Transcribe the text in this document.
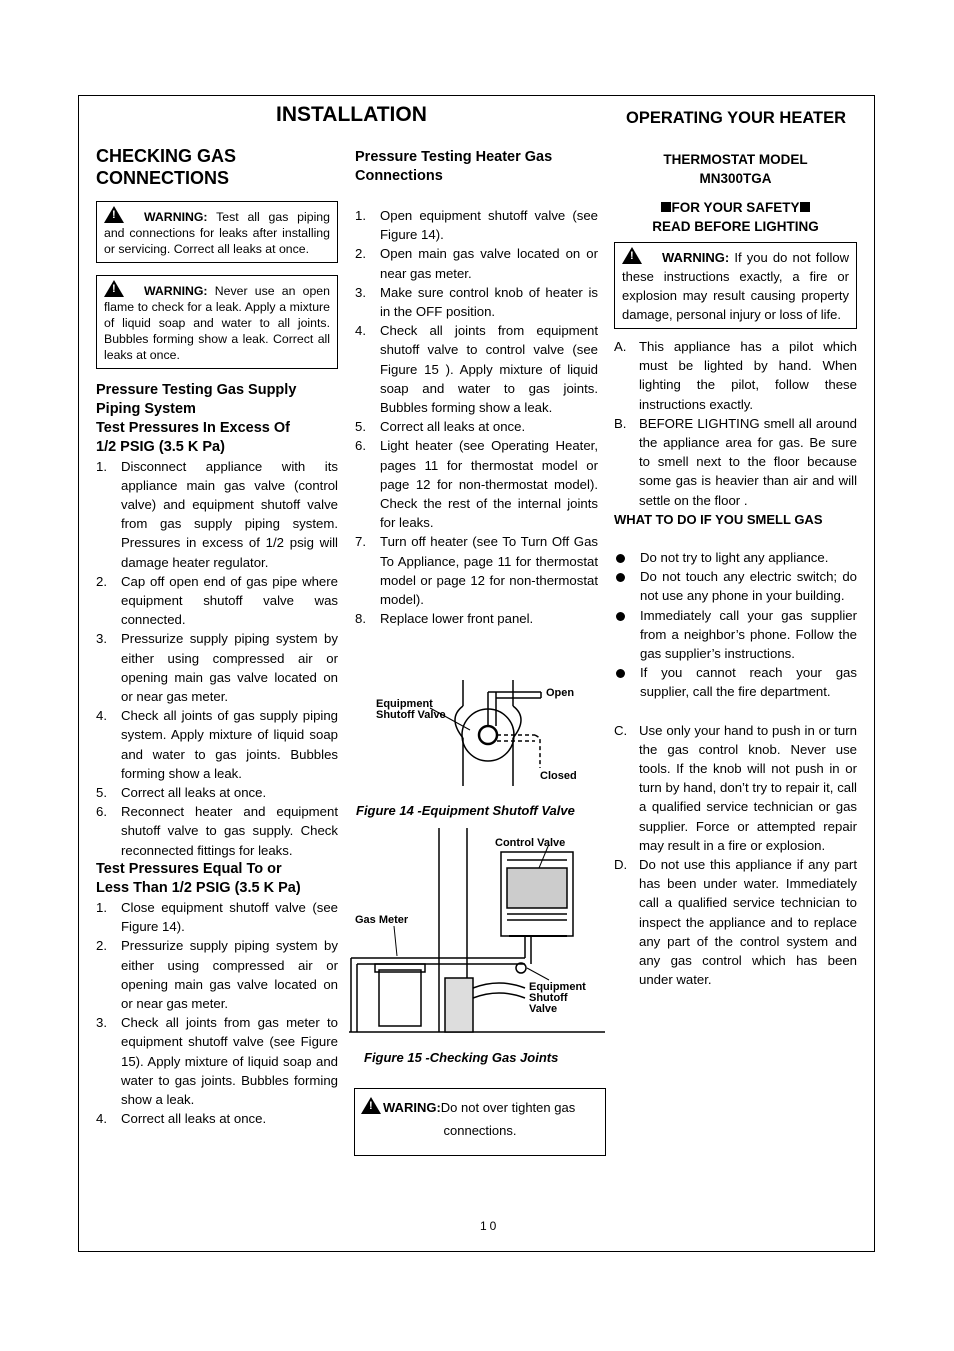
INSTALLATION	OPERATING YOUR HEATER
CHECKING GAS
CONNECTIONS
!WARNING: Test all gas piping and connections for leaks after installing or servicing. Correct all leaks at once.
!WARNING: Never use an open flame to check for a leak. Apply a mixture of liquid soap and water to all joints. Bubbles forming show a leak. Correct all leaks at once.
Pressure Testing Gas Supply
Piping System
Test Pressures In Excess Of
1/2 PSIG (3.5 K Pa)
1. Disconnect appliance with its appliance main gas valve (control valve) and equipment shutoff valve from gas supply piping system. Pressures in excess of 1/2 psig will damage heater regulator.
2. Cap off open end of gas pipe where equipment shutoff valve was connected.
3. Pressurize supply piping system by either using compressed air or opening main gas valve located on or near gas meter.
4. Check all joints of gas supply piping system. Apply mixture of liquid soap and water to gas joints. Bubbles forming show a leak.
5. Correct all leaks at once.
6. Reconnect heater and equipment shutoff valve to gas supply. Check reconnected fittings for leaks.
Test Pressures Equal To or
Less Than 1/2 PSIG (3.5 K Pa)
1. Close equipment shutoff valve (see Figure 14).
2. Pressurize supply piping system by either using compressed air or opening main gas valve located on or near gas meter.
3. Check all joints from gas meter to equipment shutoff valve (see Figure 15). Apply mixture of liquid soap and water to gas joints. Bubbles forming show a leak.
4. Correct all leaks at once.
Pressure Testing Heater Gas
Connections
1. Open equipment shutoff valve (see Figure 14).
2. Open main gas valve located on or near gas meter.
3. Make sure control knob of heater is in the OFF position.
4. Check all joints from equipment shutoff valve to control valve (see Figure 15 ). Apply mixture of liquid soap and water to gas joints. Bubbles forming show a leak.
5. Correct all leaks at once.
6. Light heater (see Operating Heater, pages 11 for thermostat model or page 12 for non-thermostat model). Check the rest of the internal joints for leaks.
7. Turn off heater (see To Turn Off Gas To Appliance, page 11 for thermostat model or page 12 for non-thermostat model).
8. Replace lower front panel.
Equipment
Shutoff Valve
Open
Closed
Figure 14 -Equipment Shutoff Valve
Control Valve
Gas Meter
Equipment
Shutoff
Valve
Figure 15 -Checking Gas Joints
!WARING:Do not over tighten gas
connections.
THERMOSTAT MODEL
MN300TGA
FOR YOUR SAFETY
READ BEFORE LIGHTING
!WARNING: If you do not follow these instructions exactly, a fire or explosion may result causing property damage, personal injury or loss of life.
A. This appliance has a pilot which must be lighted by hand. When lighting the pilot, follow these instructions exactly.
B. BEFORE LIGHTING smell all around the appliance area for gas. Be sure to smell next to the floor because some gas is heavier than air and will settle on the floor .
WHAT TO DO IF YOU SMELL GAS
Do not try to light any appliance.
Do not touch any electric switch; do not use any phone in your building.
Immediately call your gas supplier from a neighbor’s phone. Follow the gas supplier’s instructions.
If you cannot reach your gas supplier, call the fire department.
C. Use only your hand to push in or turn the gas control knob. Never use tools. If the knob will not push in or turn by hand, don’t try to repair it, call a qualified service technician or gas supplier. Force or attempted repair may result in a fire or explosion.
D. Do not use this appliance if any part has been under water. Immediately call a qualified service technician to inspect the appliance and to replace any part of the control system and any gas control which has been under water.
10
